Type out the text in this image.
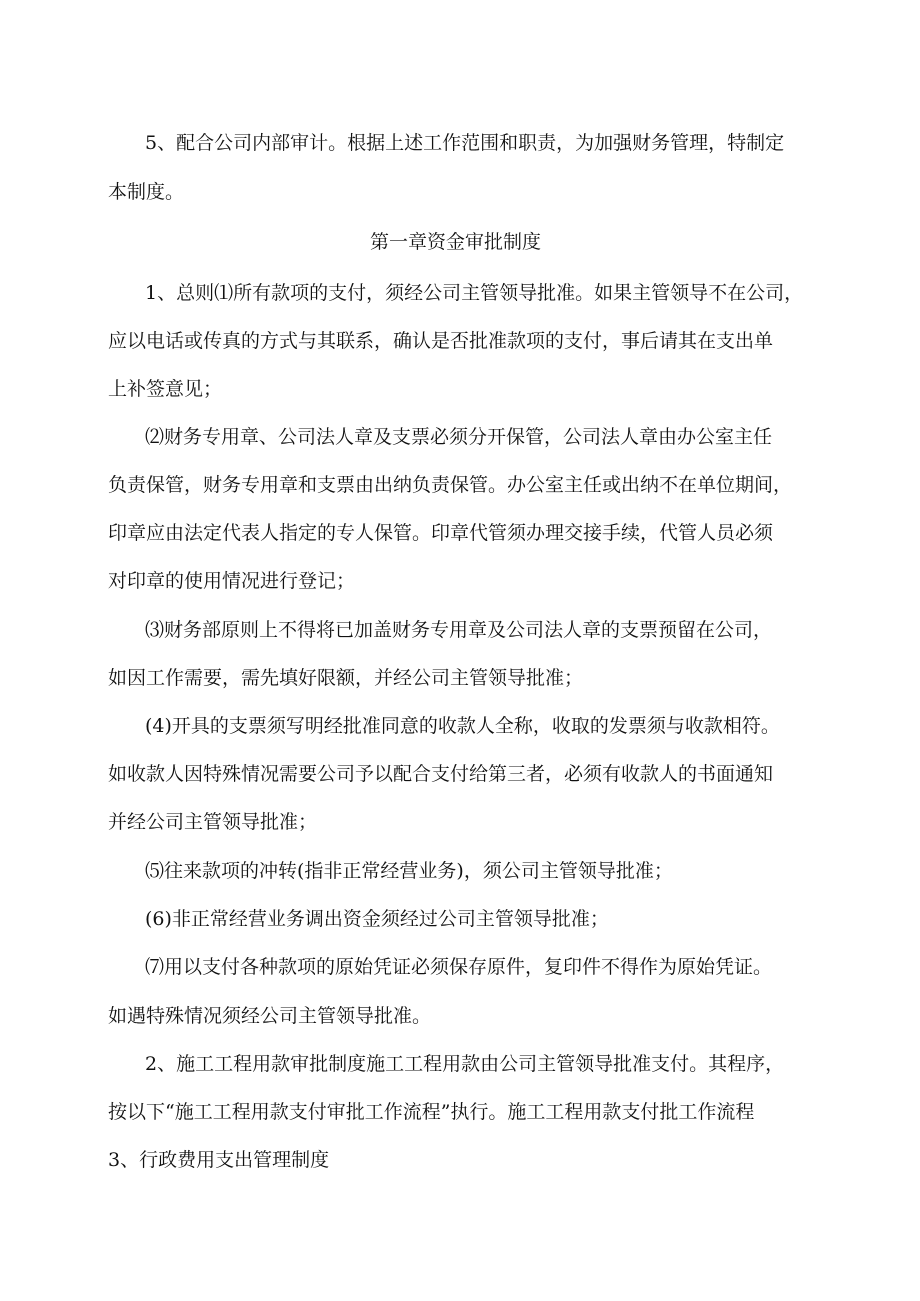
5、配合公司内部审计。根据上述工作范围和职责，为加强财务管理，特制定
本制度。
第一章资金审批制度
1、总则⑴所有款项的支付，须经公司主管领导批准。如果主管领导不在公司，
应以电话或传真的方式与其联系，确认是否批准款项的支付，事后请其在支出单
上补签意见；
⑵财务专用章、公司法人章及支票必须分开保管，公司法人章由办公室主任
负责保管，财务专用章和支票由出纳负责保管。办公室主任或出纳不在单位期间，
印章应由法定代表人指定的专人保管。印章代管须办理交接手续，代管人员必须
对印章的使用情况进行登记；
⑶财务部原则上不得将已加盖财务专用章及公司法人章的支票预留在公司，
如因工作需要，需先填好限额，并经公司主管领导批准；
(4)开具的支票须写明经批准同意的收款人全称，收取的发票须与收款相符。
如收款人因特殊情况需要公司予以配合支付给第三者，必须有收款人的书面通知
并经公司主管领导批准；
⑸往来款项的冲转(指非正常经营业务)，须公司主管领导批准；
(6)非正常经营业务调出资金须经过公司主管领导批准；
⑺用以支付各种款项的原始凭证必须保存原件，复印件不得作为原始凭证。
如遇特殊情况须经公司主管领导批准。
2、施工工程用款审批制度施工工程用款由公司主管领导批准支付。其程序，
按以下“施工工程用款支付审批工作流程”执行。施工工程用款支付批工作流程
3、行政费用支出管理制度
